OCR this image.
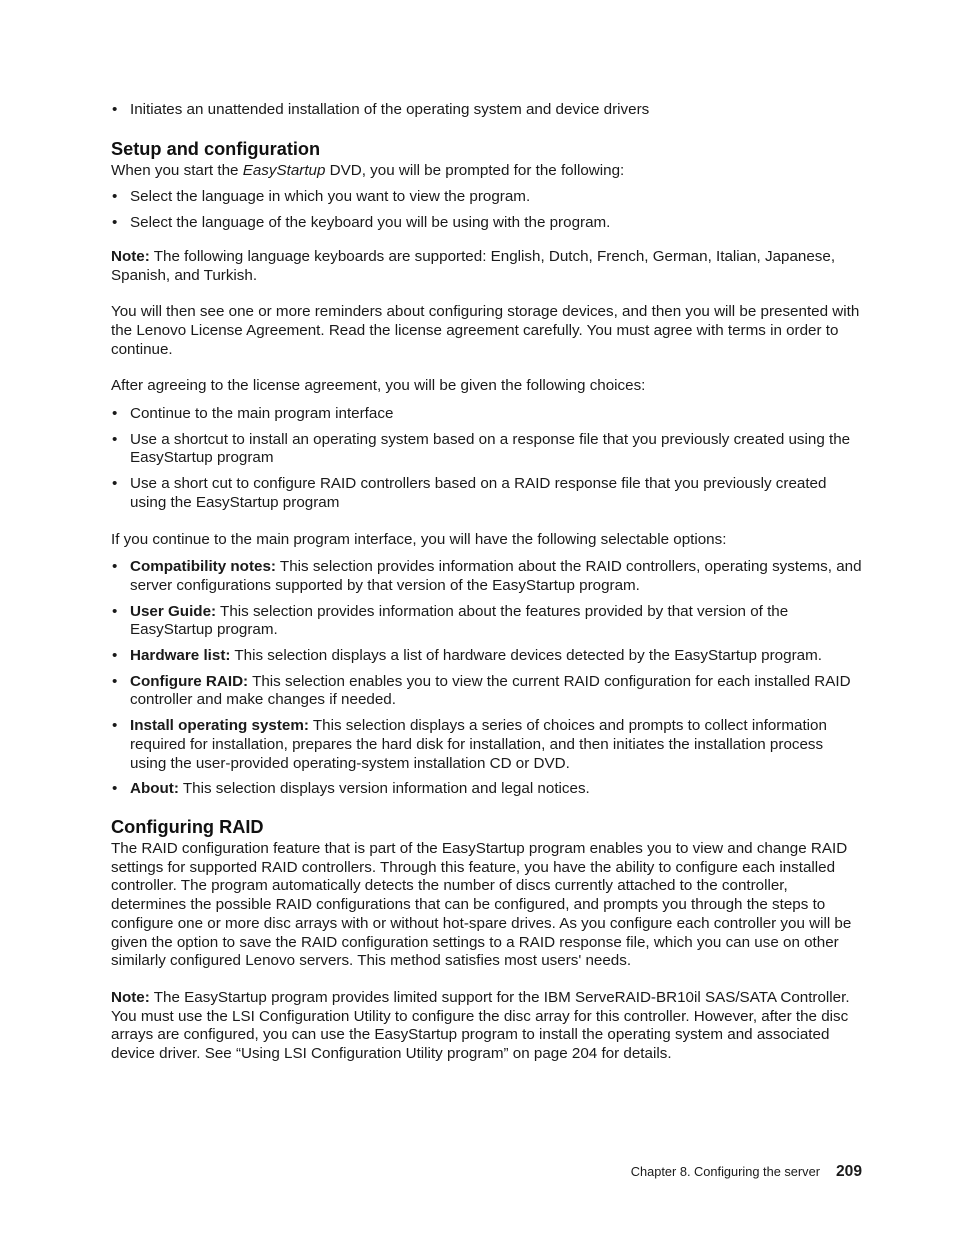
• Initiates an unattended installation of the operating system and device drivers
Setup and configuration

When you start the EasyStartup DVD, you will be prompted for the following:

• Select the language in which you want to view the program.
• Select the language of the keyboard you will be using with the program.

Note: The following language keyboards are supported: English, Dutch, French, German, Italian, Japanese, Spanish, and Turkish.

You will then see one or more reminders about configuring storage devices, and then you will be presented with the Lenovo License Agreement. Read the license agreement carefully. You must agree with terms in order to continue.

After agreeing to the license agreement, you will be given the following choices:

• Continue to the main program interface
• Use a shortcut to install an operating system based on a response file that you previously created using the EasyStartup program
• Use a short cut to configure RAID controllers based on a RAID response file that you previously created using the EasyStartup program

If you continue to the main program interface, you will have the following selectable options:

• Compatibility notes: This selection provides information about the RAID controllers, operating systems, and server configurations supported by that version of the EasyStartup program.
• User Guide: This selection provides information about the features provided by that version of the EasyStartup program.
• Hardware list: This selection displays a list of hardware devices detected by the EasyStartup program.
• Configure RAID: This selection enables you to view the current RAID configuration for each installed RAID controller and make changes if needed.
• Install operating system: This selection displays a series of choices and prompts to collect information required for installation, prepares the hard disk for installation, and then initiates the installation process using the user-provided operating-system installation CD or DVD.
• About: This selection displays version information and legal notices.
Configuring RAID

The RAID configuration feature that is part of the EasyStartup program enables you to view and change RAID settings for supported RAID controllers. Through this feature, you have the ability to configure each installed controller. The program automatically detects the number of discs currently attached to the controller, determines the possible RAID configurations that can be configured, and prompts you through the steps to configure one or more disc arrays with or without hot-spare drives. As you configure each controller you will be given the option to save the RAID configuration settings to a RAID response file, which you can use on other similarly configured Lenovo servers. This method satisfies most users' needs.

Note: The EasyStartup program provides limited support for the IBM ServeRAID-BR10il SAS/SATA Controller. You must use the LSI Configuration Utility to configure the disc array for this controller. However, after the disc arrays are configured, you can use the EasyStartup program to install the operating system and associated device driver. See “Using LSI Configuration Utility program” on page 204 for details.

Chapter 8. Configuring the server 209
